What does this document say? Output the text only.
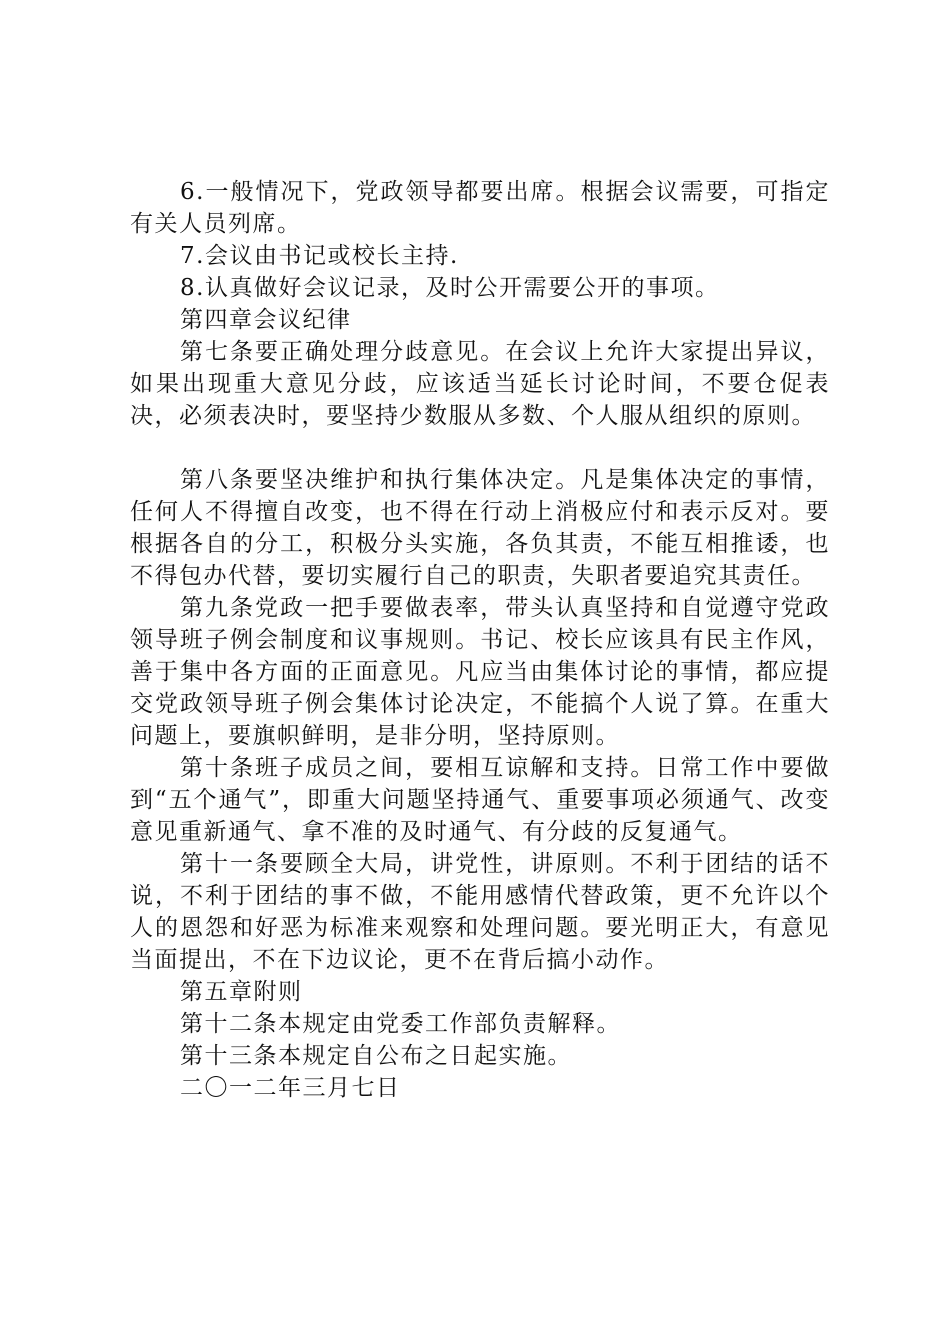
6.一般情况下，党政领导都要出席。根据会议需要，可指定有关人员列席。

7.会议由书记或校长主持.

8.认真做好会议记录，及时公开需要公开的事项。

第四章会议纪律

第七条要正确处理分歧意见。在会议上允许大家提出异议，如果出现重大意见分歧，应该适当延长讨论时间，不要仓促表决，必须表决时，要坚持少数服从多数、个人服从组织的原则。

第八条要坚决维护和执行集体决定。凡是集体决定的事情，任何人不得擅自改变，也不得在行动上消极应付和表示反对。要根据各自的分工，积极分头实施，各负其责，不能互相推诿，也不得包办代替，要切实履行自己的职责，失职者要追究其责任。

第九条党政一把手要做表率，带头认真坚持和自觉遵守党政领导班子例会制度和议事规则。书记、校长应该具有民主作风，善于集中各方面的正面意见。凡应当由集体讨论的事情，都应提交党政领导班子例会集体讨论决定，不能搞个人说了算。在重大问题上，要旗帜鲜明，是非分明，坚持原则。

第十条班子成员之间，要相互谅解和支持。日常工作中要做到“五个通气”，即重大问题坚持通气、重要事项必须通气、改变意见重新通气、拿不准的及时通气、有分歧的反复通气。

第十一条要顾全大局，讲党性，讲原则。不利于团结的话不说，不利于团结的事不做，不能用感情代替政策，更不允许以个人的恩怨和好恶为标准来观察和处理问题。要光明正大，有意见当面提出，不在下边议论，更不在背后搞小动作。

第五章附则

第十二条本规定由党委工作部负责解释。

第十三条本规定自公布之日起实施。

二〇一二年三月七日
